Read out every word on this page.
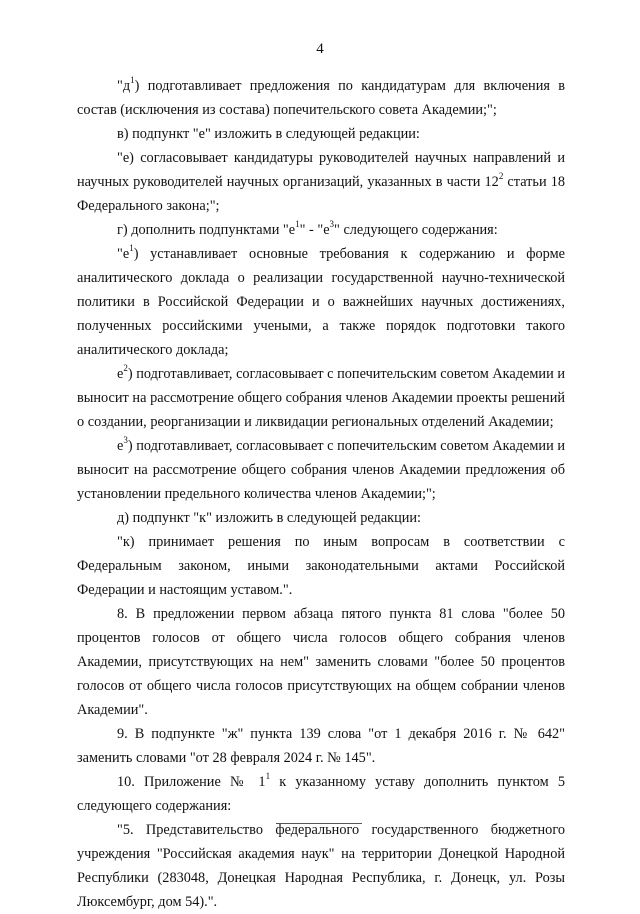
4

"$д^1$) подготавливает предложения по кандидатурам для включения в состав (исключения из состава) попечительского совета Академии;";

в) подпункт "е" изложить в следующей редакции:

"е) согласовывает кандидатуры руководителей научных направлений и научных руководителей научных организаций, указанных в части $12^2$ статьи 18 Федерального закона;";

г) дополнить подпунктами "$е^1$" - "$е^3$" следующего содержания:

"$е^1$) устанавливает основные требования к содержанию и форме аналитического доклада о реализации государственной научно-технической политики в Российской Федерации и о важнейших научных достижениях, полученных российскими учеными, а также порядок подготовки такого аналитического доклада;

$е^2$) подготавливает, согласовывает с попечительским советом Академии и выносит на рассмотрение общего собрания членов Академии проекты решений о создании, реорганизации и ликвидации региональных отделений Академии;

$е^3$) подготавливает, согласовывает с попечительским советом Академии и выносит на рассмотрение общего собрания членов Академии предложения об установлении предельного количества членов Академии;";

д) подпункт "к" изложить в следующей редакции:

"к) принимает решения по иным вопросам в соответствии с Федеральным законом, иными законодательными актами Российской Федерации и настоящим уставом.".

8. В предложении первом абзаца пятого пункта 81 слова "более 50 процентов голосов от общего числа голосов общего собрания членов Академии, присутствующих на нем" заменить словами "более 50 процентов голосов от общего числа голосов присутствующих на общем собрании членов Академии".

9. В подпункте "ж" пункта 139 слова "от 1 декабря 2016 г. № 642" заменить словами "от 28 февраля 2024 г. № 145".

10. Приложение № $1^1$ к указанному уставу дополнить пунктом 5 следующего содержания:

"5. Представительство федерального государственного бюджетного учреждения "Российская академия наук" на территории Донецкой Народной Республики (283048, Донецкая Народная Республика, г. Донецк, ул. Розы Люксембург, дом 54).".
